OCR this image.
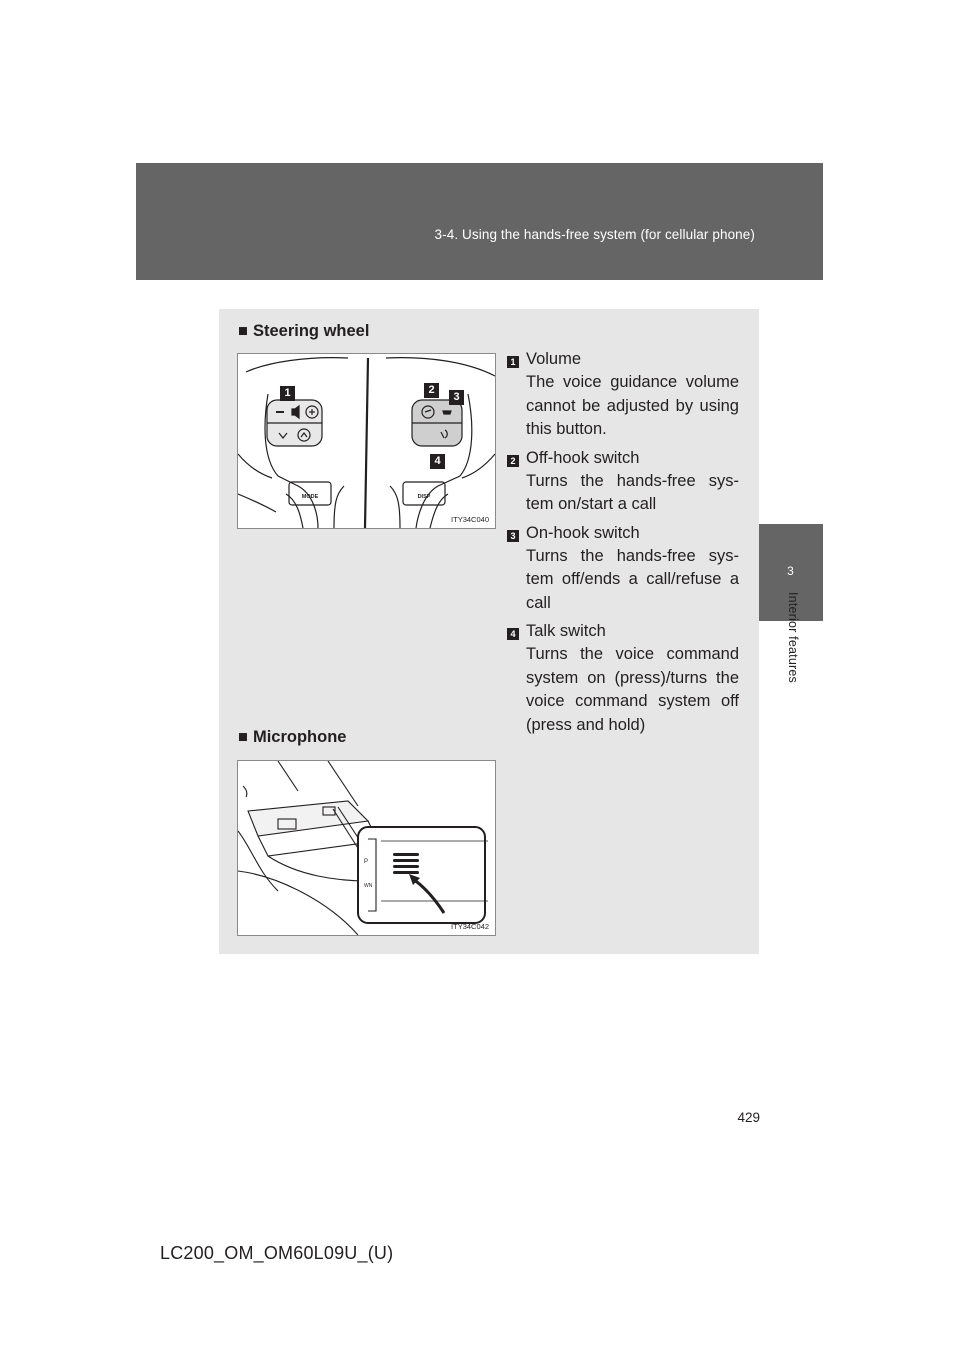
3-4. Using the hands-free system (for cellular phone)
3
Interior features
■ Steering wheel
MODE	DISP
1	2
3
4
ITY34C040
1 Volume
The voice guidance volume cannot be adjusted by using this button.
2 Off-hook switch
Turns the hands-free sys-tem on/start a call
3 On-hook switch
Turns the hands-free sys-tem off/ends a call/refuse a call
4 Talk switch
Turns the voice command system on (press)/turns the voice command system off (press and hold)
■ Microphone
P
WN
ITY34C042
429
LC200_OM_OM60L09U_(U)
